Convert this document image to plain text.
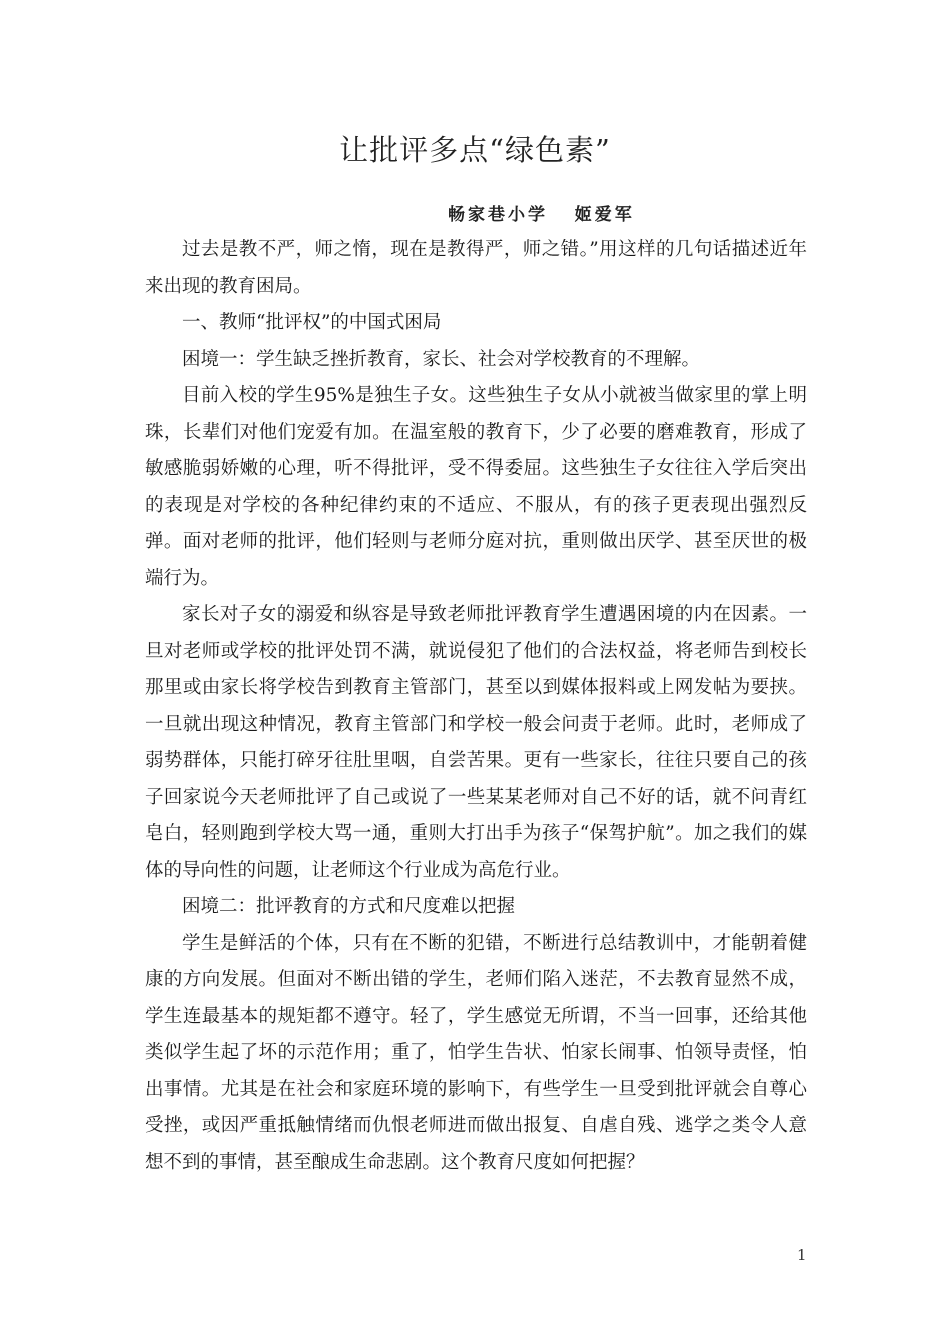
让批评多点“绿色素”
畅家巷小学   姬爱军

过去是教不严，师之惰，现在是教得严，师之错。”用这样的几句话描述近年来出现的教育困局。

一、教师“批评权”的中国式困局

困境一：学生缺乏挫折教育，家长、社会对学校教育的不理解。

目前入校的学生95%是独生子女。这些独生子女从小就被当做家里的掌上明珠，长辈们对他们宠爱有加。在温室般的教育下，少了必要的磨难教育，形成了敏感脆弱娇嫩的心理，听不得批评，受不得委屈。这些独生子女往往入学后突出的表现是对学校的各种纪律约束的不适应、不服从，有的孩子更表现出强烈反弹。面对老师的批评，他们轻则与老师分庭对抗，重则做出厌学、甚至厌世的极端行为。

家长对子女的溺爱和纵容是导致老师批评教育学生遭遇困境的内在因素。一旦对老师或学校的批评处罚不满，就说侵犯了他们的合法权益，将老师告到校长那里或由家长将学校告到教育主管部门，甚至以到媒体报料或上网发帖为要挟。一旦就出现这种情况，教育主管部门和学校一般会问责于老师。此时，老师成了弱势群体，只能打碎牙往肚里咽，自尝苦果。更有一些家长，往往只要自己的孩子回家说今天老师批评了自己或说了一些某某老师对自己不好的话，就不问青红皂白，轻则跑到学校大骂一通，重则大打出手为孩子“保驾护航”。加之我们的媒体的导向性的问题，让老师这个行业成为高危行业。

困境二：批评教育的方式和尺度难以把握

学生是鲜活的个体，只有在不断的犯错，不断进行总结教训中，才能朝着健康的方向发展。但面对不断出错的学生，老师们陷入迷茫，不去教育显然不成，学生连最基本的规矩都不遵守。轻了，学生感觉无所谓，不当一回事，还给其他类似学生起了坏的示范作用；重了，怕学生告状、怕家长闹事、怕领导责怪，怕出事情。尤其是在社会和家庭环境的影响下，有些学生一旦受到批评就会自尊心受挫，或因严重抵触情绪而仇恨老师进而做出报复、自虐自残、逃学之类令人意想不到的事情，甚至酿成生命悲剧。这个教育尺度如何把握？

1
